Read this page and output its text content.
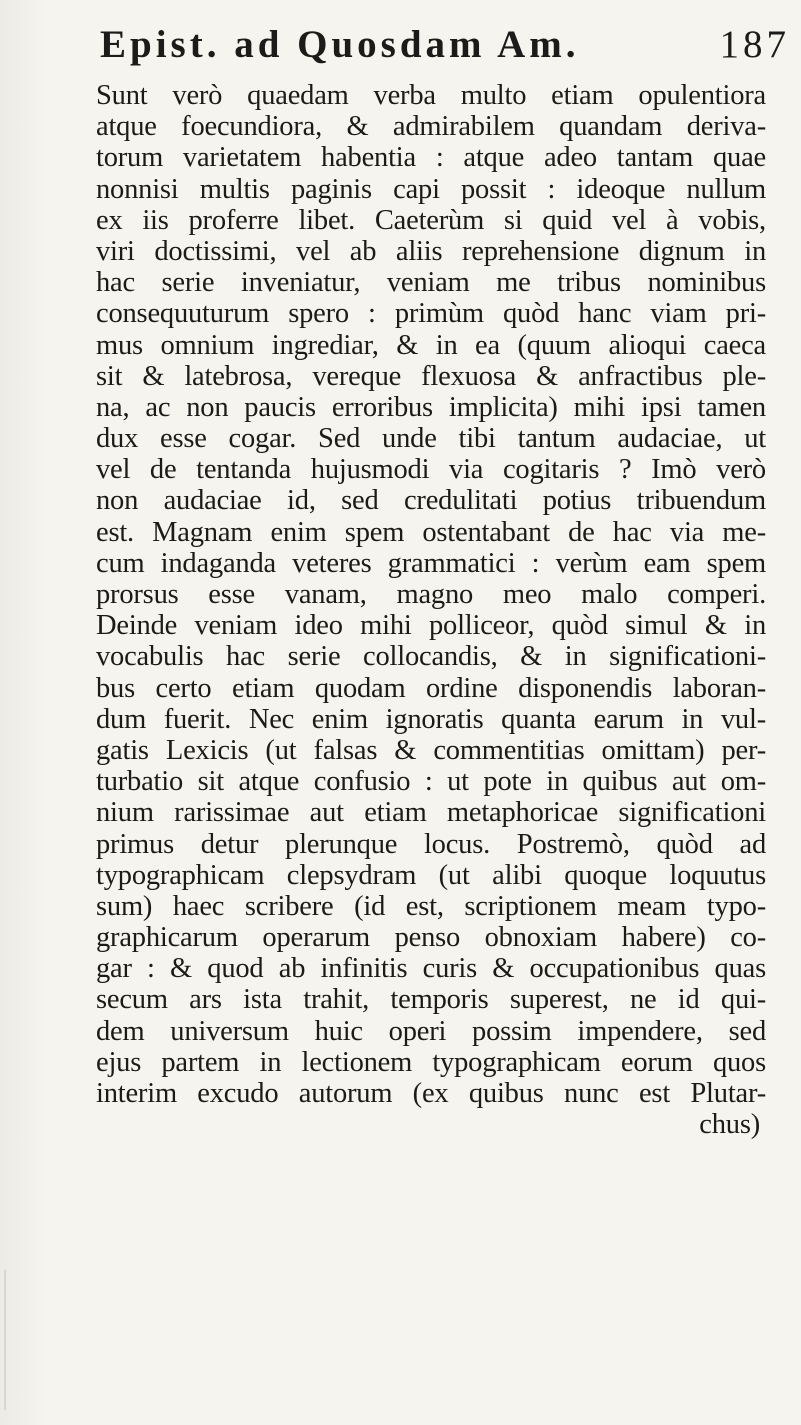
Epist. ad Quosdam Am.	187
Sunt verò quaedam verba multo etiam opulentiora
atque foecundiora, & admirabilem quandam deriva-
torum varietatem habentia : atque adeo tantam quae
nonnisi multis paginis capi possit : ideoque nullum
ex iis proferre libet. Caeterùm si quid vel à vobis,
viri doctissimi, vel ab aliis reprehensione dignum in
hac serie inveniatur, veniam me tribus nominibus
consequuturum spero : primùm quòd hanc viam pri-
mus omnium ingrediar, & in ea (quum alioqui caeca
sit & latebrosa, vereque flexuosa & anfractibus ple-
na, ac non paucis erroribus implicita) mihi ipsi tamen
dux esse cogar. Sed unde tibi tantum audaciae, ut
vel de tentanda hujusmodi via cogitaris ? Imò verò
non audaciae id, sed credulitati potius tribuendum
est. Magnam enim spem ostentabant de hac via me-
cum indaganda veteres grammatici : verùm eam spem
prorsus esse vanam, magno meo malo comperi.
Deinde veniam ideo mihi polliceor, quòd simul & in
vocabulis hac serie collocandis, & in significationi-
bus certo etiam quodam ordine disponendis laboran-
dum fuerit. Nec enim ignoratis quanta earum in vul-
gatis Lexicis (ut falsas & commentitias omittam) per-
turbatio sit atque confusio : ut pote in quibus aut om-
nium rarissimae aut etiam metaphoricae significationi
primus detur plerunque locus. Postremò, quòd ad
typographicam clepsydram (ut alibi quoque loquutus
sum) haec scribere (id est, scriptionem meam typo-
graphicarum operarum penso obnoxiam habere) co-
gar : & quod ab infinitis curis & occupationibus quas
secum ars ista trahit, temporis superest, ne id qui-
dem universum huic operi possim impendere, sed
ejus partem in lectionem typographicam eorum quos
interim excudo autorum (ex quibus nunc est Plutar-
chus)
